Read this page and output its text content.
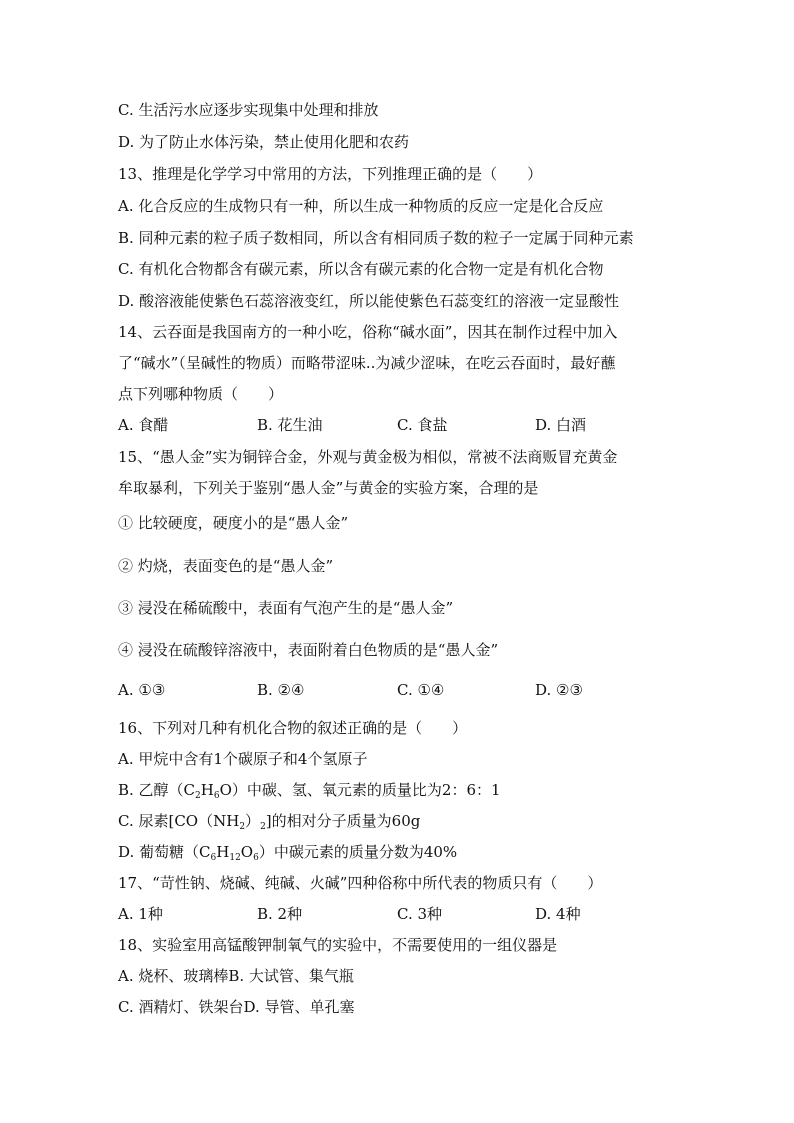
C. 生活污水应逐步实现集中处理和排放
D. 为了防止水体污染，禁止使用化肥和农药
13、推理是化学学习中常用的方法，下列推理正确的是（　　）
A. 化合反应的生成物只有一种，所以生成一种物质的反应一定是化合反应
B. 同种元素的粒子质子数相同，所以含有相同质子数的粒子一定属于同种元素
C. 有机化合物都含有碳元素，所以含有碳元素的化合物一定是有机化合物
D. 酸溶液能使紫色石蕊溶液变红，所以能使紫色石蕊变红的溶液一定显酸性
14、云吞面是我国南方的一种小吃，俗称“碱水面”，因其在制作过程中加入
了“碱水”（呈碱性的物质）而略带涩味..为减少涩味，在吃云吞面时，最好蘸
点下列哪种物质（　　）
A. 食醋	B. 花生油	C. 食盐	D. 白酒
15、“愚人金”实为铜锌合金，外观与黄金极为相似，常被不法商贩冒充黄金
牟取暴利，下列关于鉴别“愚人金”与黄金的实验方案，合理的是
① 比较硬度，硬度小的是“愚人金”
② 灼烧，表面变色的是“愚人金”
③ 浸没在稀硫酸中，表面有气泡产生的是“愚人金”
④ 浸没在硫酸锌溶液中，表面附着白色物质的是“愚人金”
A. ①③	B. ②④	C. ①④	D. ②③
16、下列对几种有机化合物的叙述正确的是（　　）
A. 甲烷中含有1个碳原子和4个氢原子
B. 乙醇$(C_2H_6O)$中碳、氢、氧元素的质量比为2：6：1
C. 尿素$[CO(NH_2)_2]$的相对分子质量为60g
D. 葡萄糖$(C_6H_{12}O_6)$中碳元素的质量分数为40%
17、“苛性钠、烧碱、纯碱、火碱”四种俗称中所代表的物质只有（　　）
A. 1种	B. 2种	C. 3种	D. 4种
18、实验室用高锰酸钾制氧气的实验中，不需要使用的一组仪器是
A. 烧杯、玻璃棒B. 大试管、集气瓶
C. 酒精灯、铁架台D. 导管、单孔塞
